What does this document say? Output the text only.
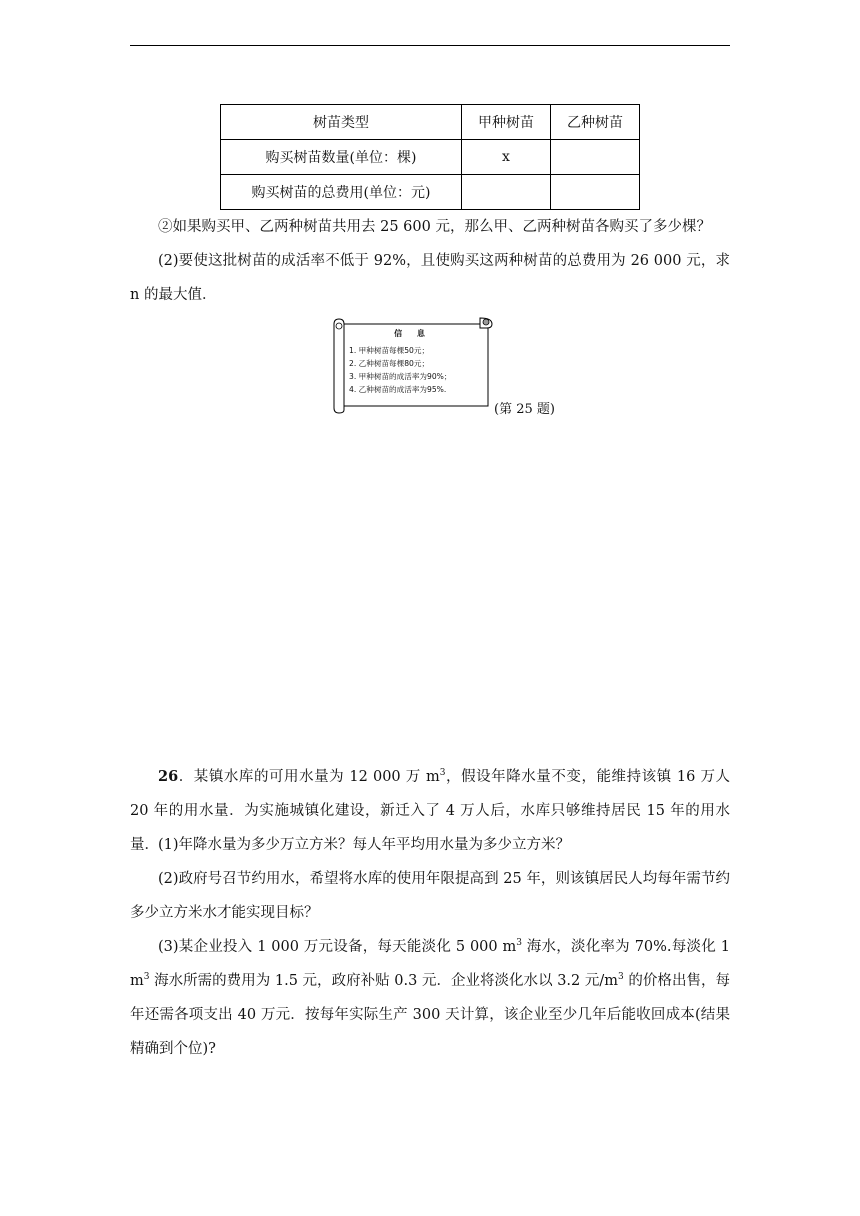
树苗类型	甲种树苗	乙种树苗
购买树苗数量(单位：棵)	x	
购买树苗的总费用(单位：元)		
②如果购买甲、乙两种树苗共用去 25 600 元，那么甲、乙两种树苗各购买了多少棵？
(2)要使这批树苗的成活率不低于 92%，且使购买这两种树苗的总费用为 26 000 元，求 n 的最大值．
信 息
1. 甲种树苗每棵50元；
2. 乙种树苗每棵80元；
3. 甲种树苗的成活率为90%；
4. 乙种树苗的成活率为95%.
(第 25 题)
26．某镇水库的可用水量为 12 000 万 $m^3$，假设年降水量不变，能维持该镇 16 万人 20 年的用水量．为实施城镇化建设，新迁入了 4 万人后，水库只够维持居民 15 年的用水量． (1)年降水量为多少万立方米？每人年平均用水量为多少立方米？
(2)政府号召节约用水，希望将水库的使用年限提高到 25 年，则该镇居民人均每年需节约多少立方米水才能实现目标？
(3)某企业投入 1 000 万元设备，每天能淡化 5 000 $m^3$ 海水，淡化率为 70%.每淡化 1 $m^3$ 海水所需的费用为 1.5 元，政府补贴 0.3 元．企业将淡化水以 3.2 元$/m^3$ 的价格出售，每年还需各项支出 40 万元．按每年实际生产 300 天计算，该企业至少几年后能收回成本(结果精确到个位)?
